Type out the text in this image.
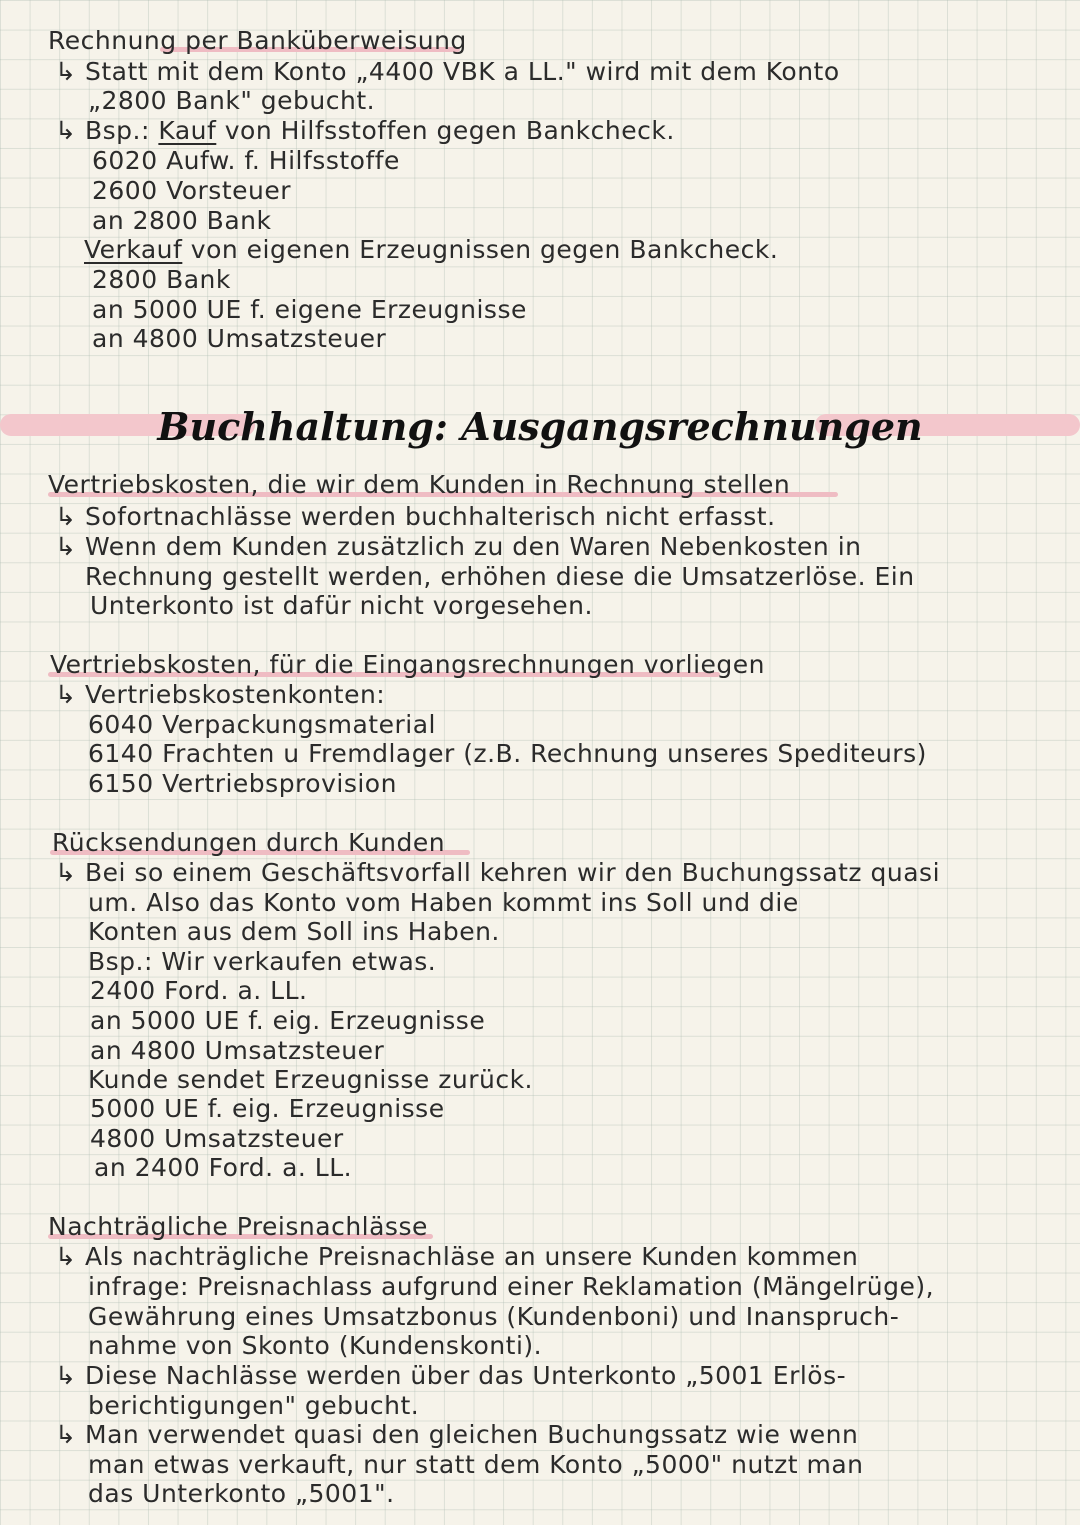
Rechnung per Banküberweisung
↳ Statt mit dem Konto „4400 VBK a LL." wird mit dem Konto
„2800 Bank" gebucht.
↳ Bsp.: Kauf von Hilfsstoffen gegen Bankcheck.
6020 Aufw. f. Hilfsstoffe
2600 Vorsteuer
an 2800 Bank
Verkauf von eigenen Erzeugnissen gegen Bankcheck.
2800 Bank
an 5000 UE f. eigene Erzeugnisse
an 4800 Umsatzsteuer
Buchhaltung: Ausgangsrechnungen
Vertriebskosten, die wir dem Kunden in Rechnung stellen
↳ Sofortnachlässe werden buchhalterisch nicht erfasst.
↳ Wenn dem Kunden zusätzlich zu den Waren Nebenkosten in
Rechnung gestellt werden, erhöhen diese die Umsatzerlöse. Ein
Unterkonto ist dafür nicht vorgesehen.
Vertriebskosten, für die Eingangsrechnungen vorliegen
↳ Vertriebskostenkonten:
6040 Verpackungsmaterial
6140 Frachten u Fremdlager (z.B. Rechnung unseres Spediteurs)
6150 Vertriebsprovision
Rücksendungen durch Kunden
↳ Bei so einem Geschäftsvorfall kehren wir den Buchungssatz quasi
um. Also das Konto vom Haben kommt ins Soll und die
Konten aus dem Soll ins Haben.
Bsp.: Wir verkaufen etwas.
2400 Ford. a. LL.
an 5000 UE f. eig. Erzeugnisse
an 4800 Umsatzsteuer
Kunde sendet Erzeugnisse zurück.
5000 UE f. eig. Erzeugnisse
4800 Umsatzsteuer
an 2400 Ford. a. LL.
Nachträgliche Preisnachlässe
↳ Als nachträgliche Preisnachläse an unsere Kunden kommen
infrage: Preisnachlass aufgrund einer Reklamation (Mängelrüge),
Gewährung eines Umsatzbonus (Kundenboni) und Inanspruch-
nahme von Skonto (Kundenskonti).
↳ Diese Nachlässe werden über das Unterkonto „5001 Erlös-
berichtigungen" gebucht.
↳ Man verwendet quasi den gleichen Buchungssatz wie wenn
man etwas verkauft, nur statt dem Konto „5000" nutzt man
das Unterkonto „5001".
